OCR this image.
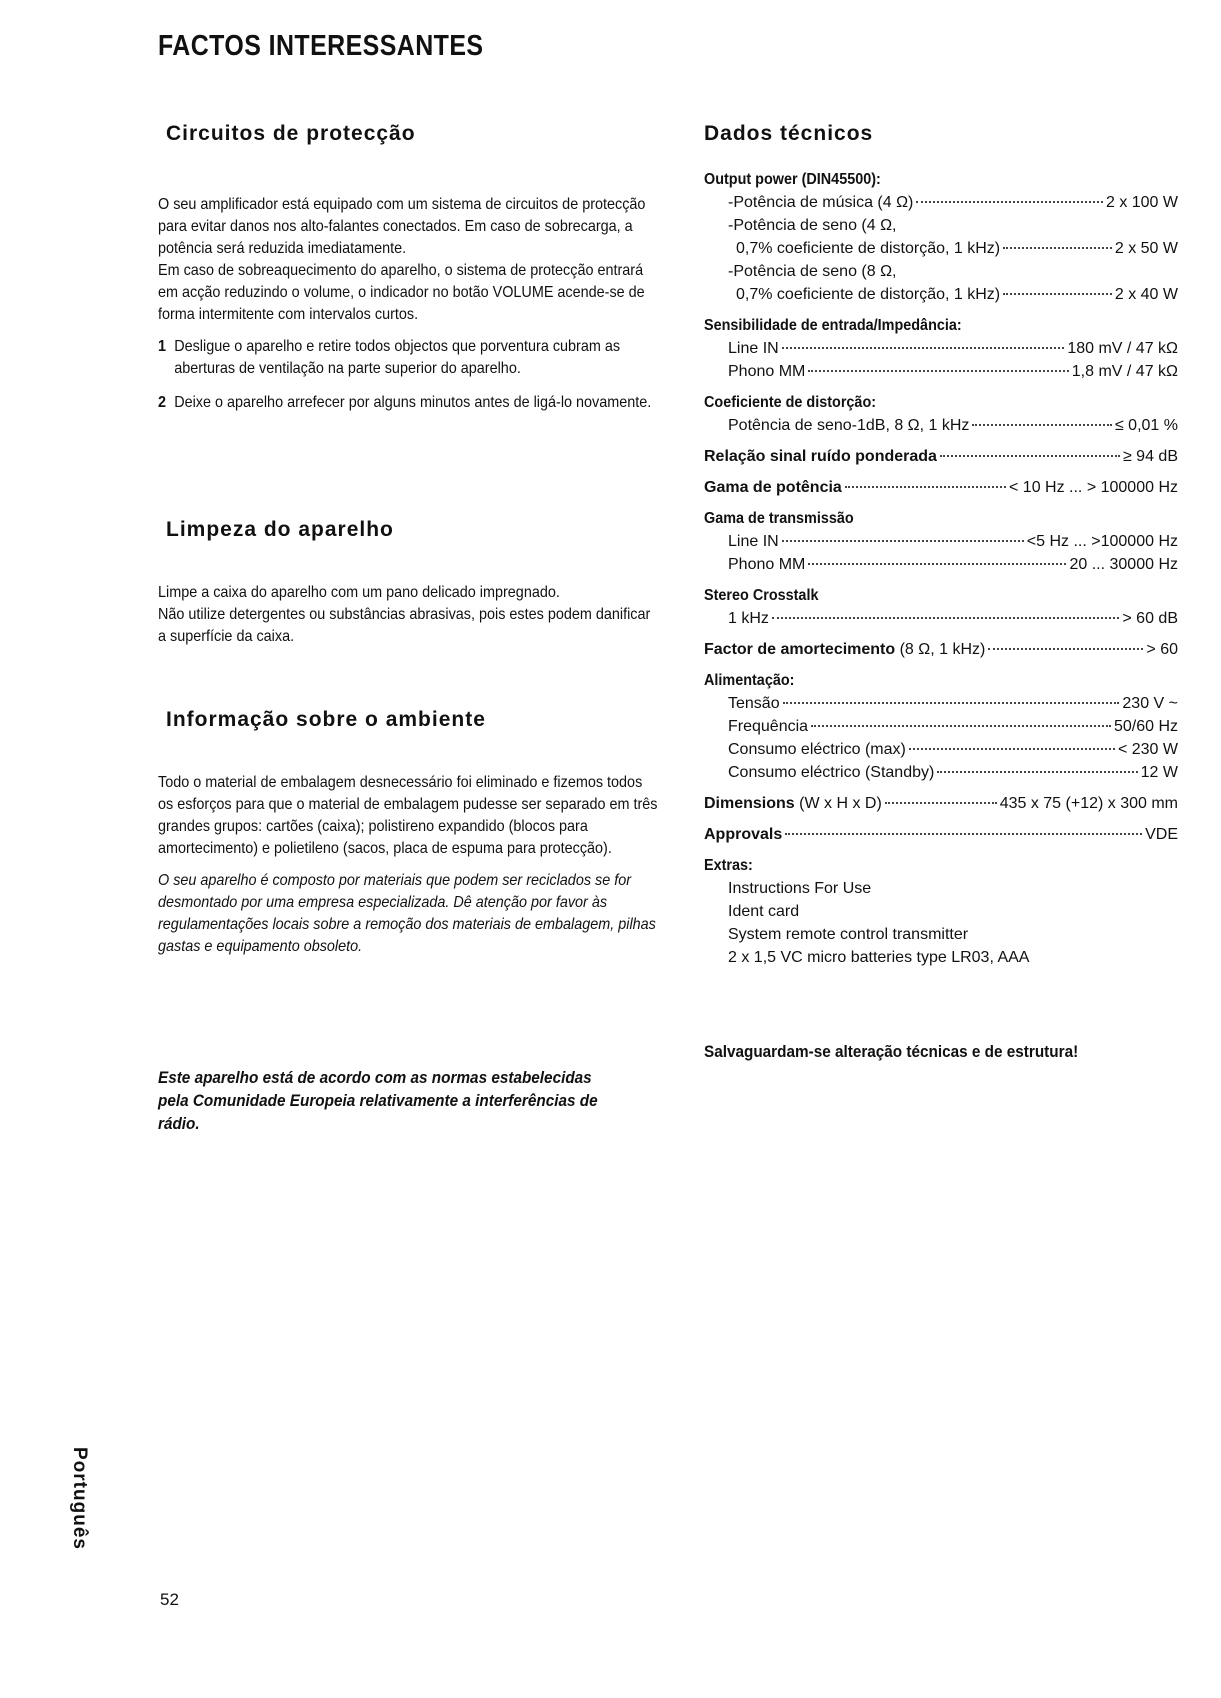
FACTOS INTERESSANTES
Circuitos de protecção

O seu amplificador está equipado com um sistema de circuitos de protecção para evitar danos nos alto-falantes conectados. Em caso de sobrecarga, a potência será reduzida imediatamente.

Em caso de sobreaquecimento do aparelho, o sistema de protecção entrará em acção reduzindo o volume, o indicador no botão VOLUME acende-se de forma intermitente com intervalos curtos.

1 Desligue o aparelho e retire todos objectos que porventura cubram as aberturas de ventilação na parte superior do aparelho.
2 Deixe o aparelho arrefecer por alguns minutos antes de ligá-lo novamente.
Limpeza do aparelho

Limpe a caixa do aparelho com um pano delicado impregnado.

Não utilize detergentes ou substâncias abrasivas, pois estes podem danificar a superfície da caixa.

Informação sobre o ambiente

Todo o material de embalagem desnecessário foi eliminado e fizemos todos os esforços para que o material de embalagem pudesse ser separado em três grandes grupos: cartões (caixa); polistireno expandido (blocos para amortecimento) e polietileno (sacos, placa de espuma para protecção).

O seu aparelho é composto por materiais que podem ser reciclados se for desmontado por uma empresa especializada. Dê atenção por favor às regulamentações locais sobre a remoção dos materiais de embalagem, pilhas gastas e equipamento obsoleto.

Este aparelho está de acordo com as normas estabelecidas pela Comunidade Europeia relativamente a interferências de rádio.
Dados técnicos
Output power (DIN45500):
-Potência de música (4 Ω)	2 x 100 W
-Potência de seno (4 Ω,
0,7% coeficiente de distorção, 1 kHz)	2 x 50 W
-Potência de seno (8 Ω,
0,7% coeficiente de distorção, 1 kHz)	2 x 40 W
Sensibilidade de entrada/Impedância:
Line IN	180 mV / 47 kΩ
Phono MM	1,8 mV / 47 kΩ
Coeficiente de distorção:
Potência de seno-1dB, 8 Ω, 1 kHz	≤ 0,01 %
Relação sinal ruído ponderada	≥ 94 dB
Gama de potência	< 10 Hz ... > 100000 Hz
Gama de transmissão
Line IN	<5 Hz ... >100000 Hz
Phono MM	20 ... 30000 Hz
Stereo Crosstalk
1 kHz	> 60 dB
Factor de amortecimento (8 Ω, 1 kHz)	> 60
Alimentação:
Tensão	230 V ~
Frequência	50/60 Hz
Consumo eléctrico (max)	< 230 W
Consumo eléctrico (Standby)	12 W
Dimensions (W x H x D)	435 x 75 (+12) x 300 mm
Approvals	VDE
Extras:
Instructions For Use
Ident card
System remote control transmitter
2 x 1,5 VC micro batteries type LR03, AAA
Salvaguardam-se alteração técnicas e de estrutura!
Português
52
